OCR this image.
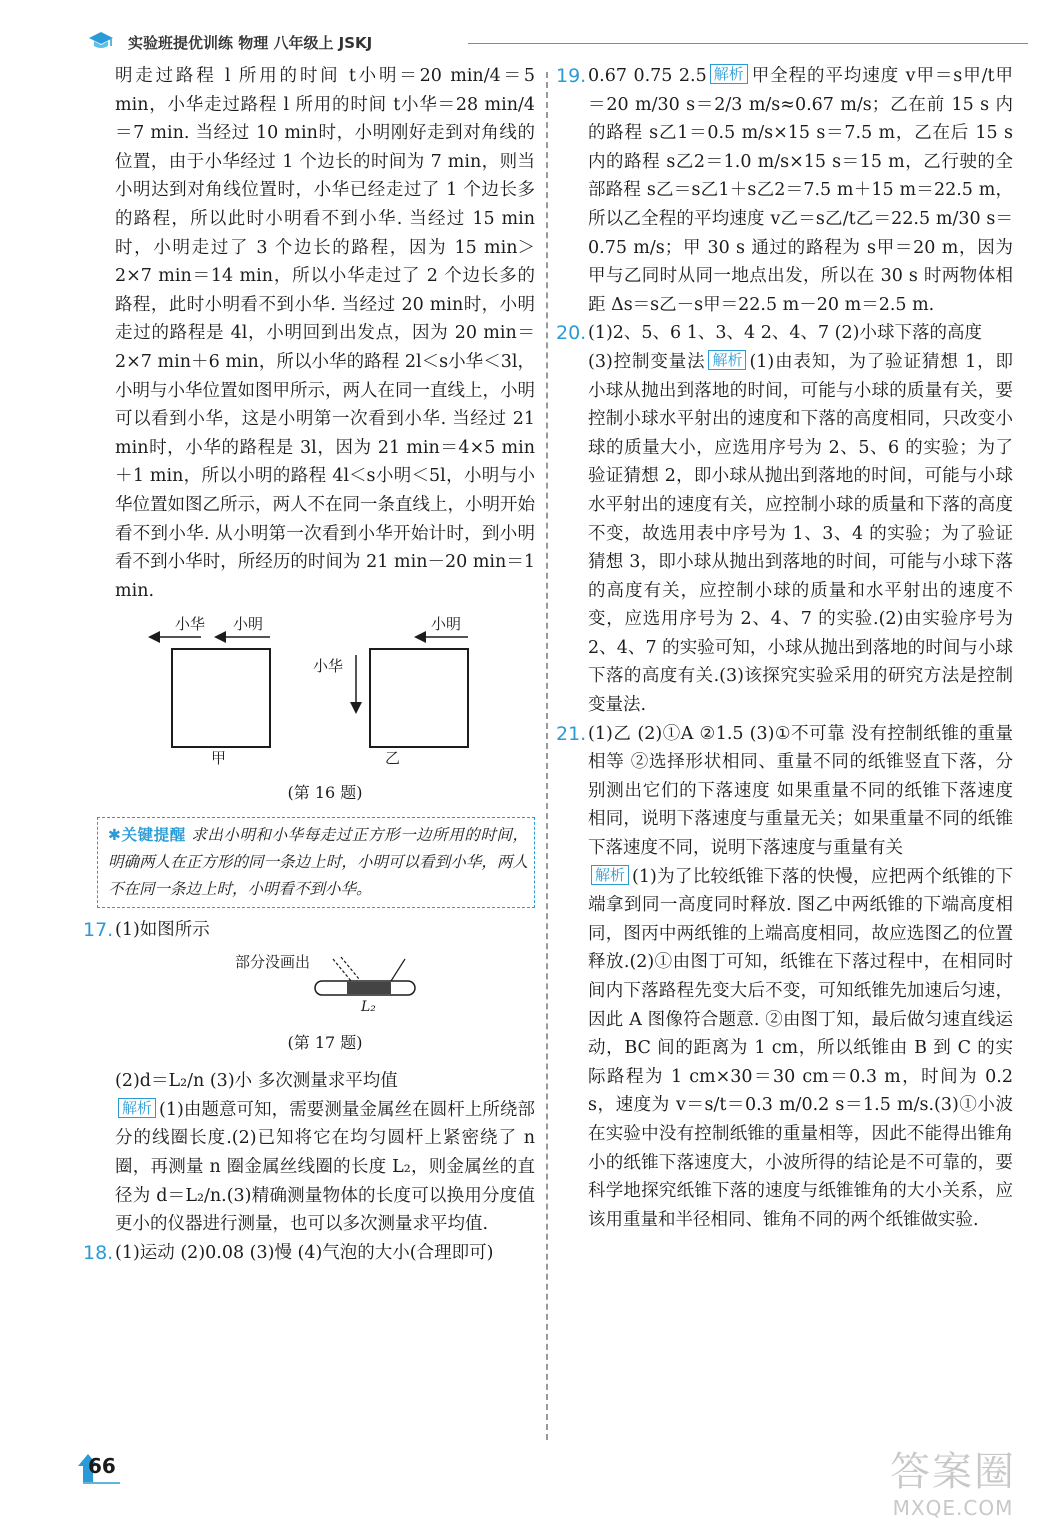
实验班提优训练 物理 八年级上 JSKJ

明走过路程 l 所用的时间 t小明＝20 min/4＝5 min，小华走过路程 l 所用的时间 t小华＝28 min/4＝7 min. 当经过 10 min时，小明刚好走到对角线的位置，由于小华经过 1 个边长的时间为 7 min，则当小明达到对角线位置时，小华已经走过了 1 个边长多的路程，所以此时小明看不到小华. 当经过 15 min时，小明走过了 3 个边长的路程，因为 15 min＞2×7 min＝14 min，所以小华走过了 2 个边长多的路程，此时小明看不到小华. 当经过 20 min时，小明走过的路程是 4l，小明回到出发点，因为 20 min＝2×7 min＋6 min，所以小华的路程 2l＜s小华＜3l，小明与小华位置如图甲所示，两人在同一直线上，小明可以看到小华，这是小明第一次看到小华. 当经过 21 min时，小华的路程是 3l，因为 21 min＝4×5 min＋1 min，所以小明的路程 4l＜s小明＜5l，小明与小华位置如图乙所示，两人不在同一条直线上，小明开始看不到小华. 从小明第一次看到小华开始计时，到小明看不到小华时，所经历的时间为 21 min－20 min＝1 min.

小华 小明
甲
小明
小华
乙
(第 16 题)
✱ 关键提醒 求出小明和小华每走过正方形一边所用的时间，明确两人在正方形的同一条边上时，小明可以看到小华，两人不在同一条边上时，小明看不到小华。
17. (1)如图所示

部分没画出
L₂
(第 17 题)

(2)d＝L₂/n (3)小 多次测量求平均值

解析 (1)由题意可知，需要测量金属丝在圆杆上所绕部分的线圈长度.(2)已知将它在均匀圆杆上紧密绕了 n 圈，再测量 n 圈金属丝线圈的长度 L₂，则金属丝的直径为 d＝L₂/n.(3)精确测量物体的长度可以换用分度值更小的仪器进行测量，也可以多次测量求平均值.

18. (1)运动 (2)0.08 (3)慢 (4)气泡的大小(合理即可)

19. 0.67 0.75 2.5 解析 甲全程的平均速度 v甲＝s甲/t甲＝20 m/30 s＝2/3 m/s≈0.67 m/s；乙在前 15 s 内的路程 s乙1＝0.5 m/s×15 s＝7.5 m，乙在后 15 s 内的路程 s乙2＝1.0 m/s×15 s＝15 m，乙行驶的全部路程 s乙＝s乙1＋s乙2＝7.5 m＋15 m＝22.5 m，所以乙全程的平均速度 v乙＝s乙/t乙＝22.5 m/30 s＝0.75 m/s；甲 30 s 通过的路程为 s甲＝20 m，因为甲与乙同时从同一地点出发，所以在 30 s 时两物体相距 Δs＝s乙－s甲＝22.5 m－20 m＝2.5 m.

20. (1)2、5、6 1、3、4 2、4、7 (2)小球下落的高度

(3)控制变量法 解析 (1)由表知，为了验证猜想 1，即小球从抛出到落地的时间，可能与小球的质量有关，要控制小球水平射出的速度和下落的高度相同，只改变小球的质量大小，应选用序号为 2、5、6 的实验；为了验证猜想 2，即小球从抛出到落地的时间，可能与小球水平射出的速度有关，应控制小球的质量和下落的高度不变，故选用表中序号为 1、3、4 的实验；为了验证猜想 3，即小球从抛出到落地的时间，可能与小球下落的高度有关，应控制小球的质量和水平射出的速度不变，应选用序号为 2、4、7 的实验.(2)由实验序号为 2、4、7 的实验可知，小球从抛出到落地的时间与小球下落的高度有关.(3)该探究实验采用的研究方法是控制变量法.

21. (1)乙 (2)①A ②1.5 (3)①不可靠 没有控制纸锥的重量相等 ②选择形状相同、重量不同的纸锥竖直下落，分别测出它们的下落速度 如果重量不同的纸锥下落速度相同，说明下落速度与重量无关；如果重量不同的纸锥下落速度不同，说明下落速度与重量有关

解析 (1)为了比较纸锥下落的快慢，应把两个纸锥的下端拿到同一高度同时释放. 图乙中两纸锥的下端高度相同，图丙中两纸锥的上端高度相同，故应选图乙的位置释放.(2)①由图丁可知，纸锥在下落过程中，在相同时间内下落路程先变大后不变，可知纸锥先加速后匀速，因此 A 图像符合题意. ②由图丁知，最后做匀速直线运动，BC 间的距离为 1 cm，所以纸锥由 B 到 C 的实际路程为 1 cm×30＝30 cm＝0.3 m，时间为 0.2 s，速度为 v＝s/t＝0.3 m/0.2 s＝1.5 m/s.(3)①小波在实验中没有控制纸锥的重量相等，因此不能得出锥角小的纸锥下落速度大，小波所得的结论是不可靠的，要科学地探究纸锥下落的速度与纸锥锥角的大小关系，应该用重量和半径相同、锥角不同的两个纸锥做实验.

66	答案圈
MXQE.COM
